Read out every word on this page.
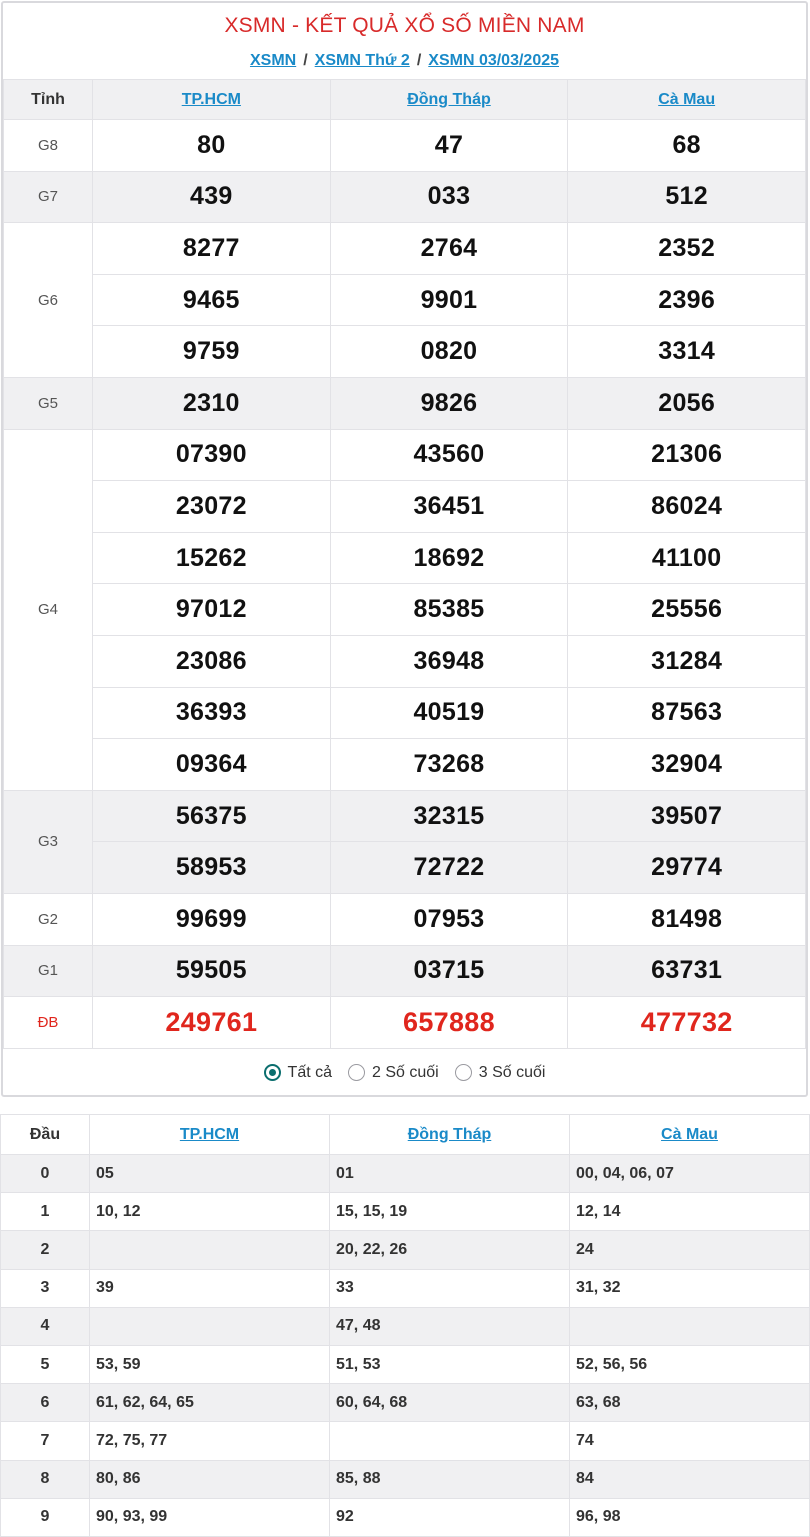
XSMN - KẾT QUẢ XỔ SỐ MIỀN NAM
XSMN / XSMN Thứ 2 / XSMN 03/03/2025
Tỉnh	TP.HCM	Đồng Tháp	Cà Mau
G8	80	47	68
G7	439	033	512
G6	8277	2764	2352
	9465	9901	2396
	9759	0820	3314
G5	2310	9826	2056
G4	07390	43560	21306
	23072	36451	86024
	15262	18692	41100
	97012	85385	25556
	23086	36948	31284
	36393	40519	87563
	09364	73268	32904
G3	56375	32315	39507
	58953	72722	29774
G2	99699	07953	81498
G1	59505	03715	63731
ĐB	249761	657888	477732
Tất cả	2 Số cuối	3 Số cuối
Đầu	TP.HCM	Đồng Tháp	Cà Mau
0	05	01	00, 04, 06, 07
1	10, 12	15, 15, 19	12, 14
2		20, 22, 26	24
3	39	33	31, 32
4		47, 48	
5	53, 59	51, 53	52, 56, 56
6	61, 62, 64, 65	60, 64, 68	63, 68
7	72, 75, 77		74
8	80, 86	85, 88	84
9	90, 93, 99	92	96, 98
